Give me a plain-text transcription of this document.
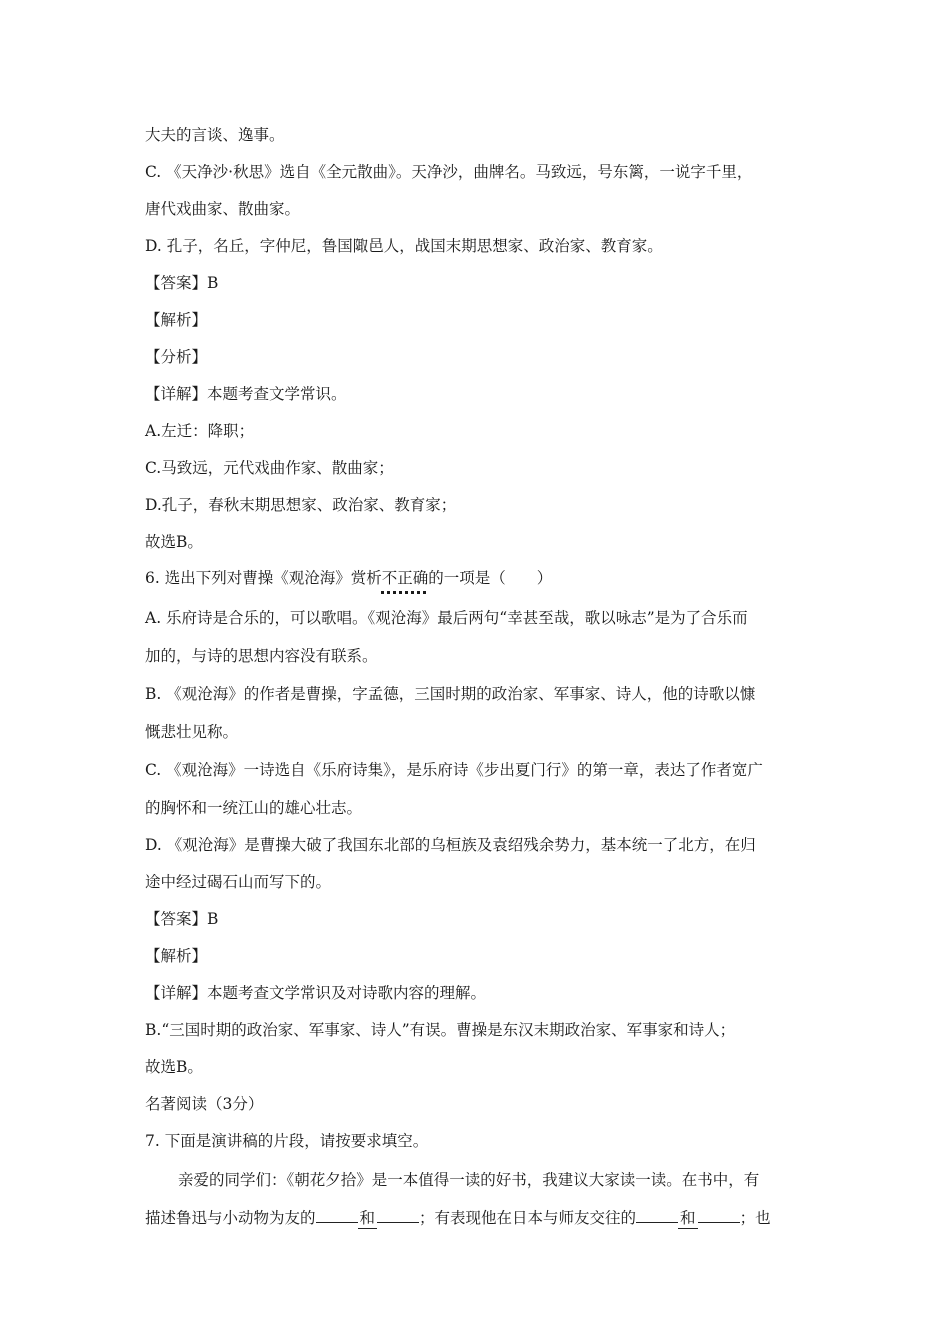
大夫的言谈、逸事。
C. 《天净沙·秋思》选自《全元散曲》。天净沙，曲牌名。马致远，号东篱，一说字千里，
唐代戏曲家、散曲家。
D. 孔子，名丘，字仲尼，鲁国陬邑人，战国末期思想家、政治家、教育家。
【答案】B
【解析】
【分析】
【详解】本题考查文学常识。
A.左迁：降职；
C.马致远，元代戏曲作家、散曲家；
D.孔子，春秋末期思想家、政治家、教育家；
故选B。
6. 选出下列对曹操《观沧海》赏析不正确的一项是（　　）
A. 乐府诗是合乐的，可以歌唱。《观沧海》最后两句“幸甚至哉，歌以咏志”是为了合乐而
加的，与诗的思想内容没有联系。
B. 《观沧海》的作者是曹操，字孟德，三国时期的政治家、军事家、诗人，他的诗歌以慷
慨悲壮见称。
C. 《观沧海》一诗选自《乐府诗集》，是乐府诗《步出夏门行》的第一章，表达了作者宽广
的胸怀和一统江山的雄心壮志。
D. 《观沧海》是曹操大破了我国东北部的乌桓族及袁绍残余势力，基本统一了北方，在归
途中经过碣石山而写下的。
【答案】B
【解析】
【详解】本题考查文学常识及对诗歌内容的理解。
B.“三国时期的政治家、军事家、诗人”有误。曹操是东汉末期政治家、军事家和诗人；
故选B。
名著阅读（3分）
7. 下面是演讲稿的片段，请按要求填空。
亲爱的同学们：《朝花夕拾》是一本值得一读的好书，我建议大家读一读。在书中，有
描述鲁迅与小动物为友的	和	；有表现他在日本与师友交往的	和	；也
